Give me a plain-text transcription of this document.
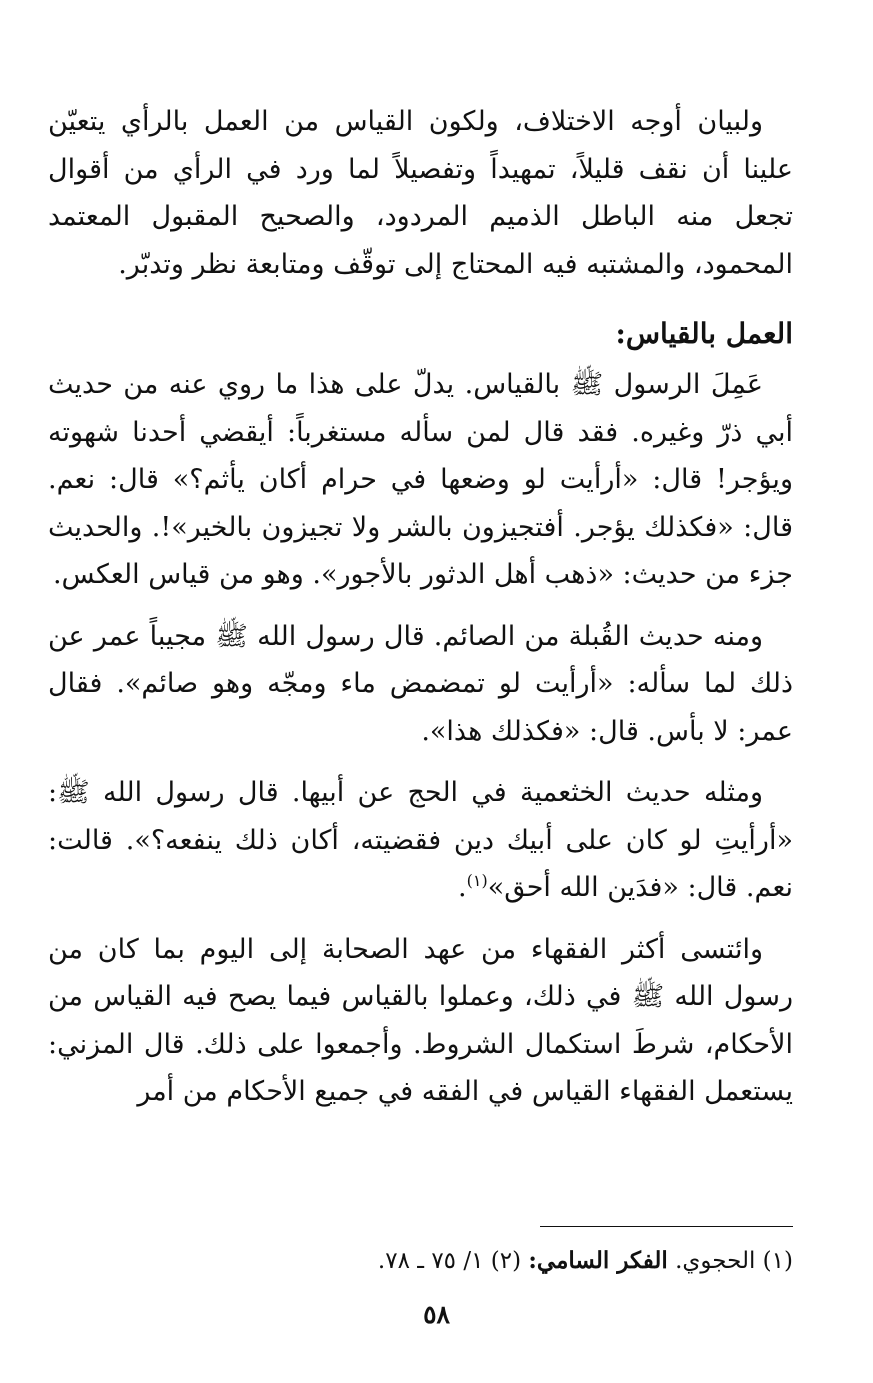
ولبيان أوجه الاختلاف، ولكون القياس من العمل بالرأي يتعيّن علينا أن نقف قليلاً، تمهيداً وتفصيلاً لما ورد في الرأي من أقوال تجعل منه الباطل الذميم المردود، والصحيح المقبول المعتمد المحمود، والمشتبه فيه المحتاج إلى توقّف ومتابعة نظر وتدبّر.

العمل بالقياس:

عَمِلَ الرسول ﷺ بالقياس. يدلّ على هذا ما روي عنه من حديث أبي ذرّ وغيره. فقد قال لمن سأله مستغرباً: أيقضي أحدنا شهوته ويؤجر! قال: «أرأيت لو وضعها في حرام أكان يأثم؟» قال: نعم. قال: «فكذلك يؤجر. أفتجيزون بالشر ولا تجيزون بالخير»!. والحديث جزء من حديث: «ذهب أهل الدثور بالأجور». وهو من قياس العكس.

ومنه حديث القُبلة من الصائم. قال رسول الله ﷺ مجيباً عمر عن ذلك لما سأله: «أرأيت لو تمضمض ماء ومجّه وهو صائم». فقال عمر: لا بأس. قال: «فكذلك هذا».

ومثله حديث الخثعمية في الحج عن أبيها. قال رسول الله ﷺ: «أرأيتِ لو كان على أبيك دين فقضيته، أكان ذلك ينفعه؟». قالت: نعم. قال: «فدَين الله أحق»$^{(١)}$.

وائتسى أكثر الفقهاء من عهد الصحابة إلى اليوم بما كان من رسول الله ﷺ في ذلك، وعملوا بالقياس فيما يصح فيه القياس من الأحكام، شرطَ استكمال الشروط. وأجمعوا على ذلك. قال المزني: يستعمل الفقهاء القياس في الفقه في جميع الأحكام من أمر

(١) الحجوي. الفكر السامي: (٢) ١/ ٧٥ ـ ٧٨.
٥٨
